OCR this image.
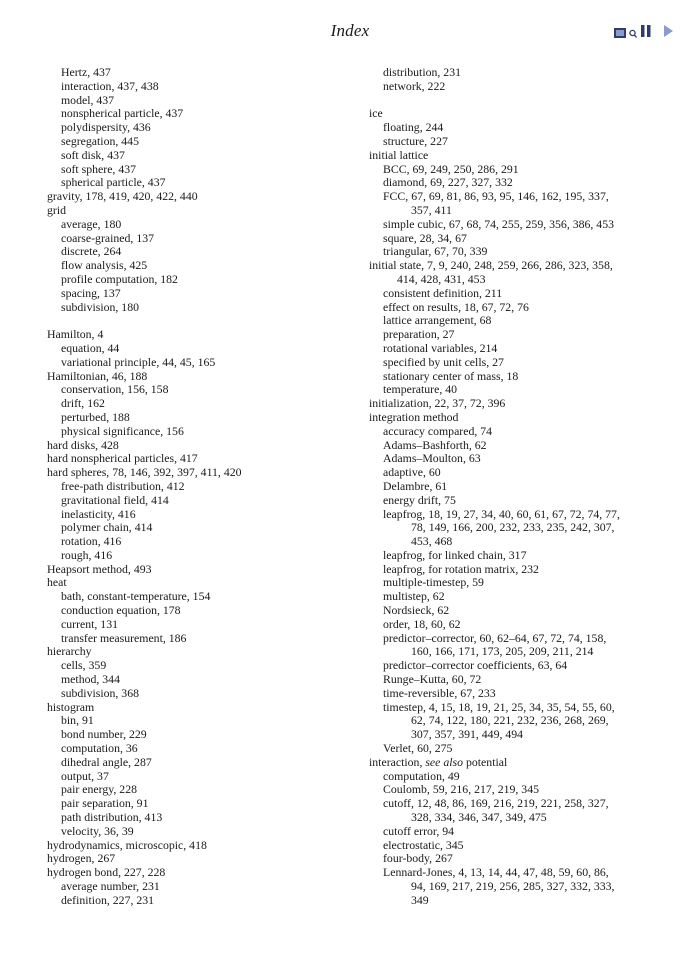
Index
Hertz, 437
interaction, 437, 438
model, 437
nonspherical particle, 437
polydispersity, 436
segregation, 445
soft disk, 437
soft sphere, 437
spherical particle, 437
gravity, 178, 419, 420, 422, 440
grid
average, 180
coarse-grained, 137
discrete, 264
flow analysis, 425
profile computation, 182
spacing, 137
subdivision, 180
Hamilton, 4
equation, 44
variational principle, 44, 45, 165
Hamiltonian, 46, 188
conservation, 156, 158
drift, 162
perturbed, 188
physical significance, 156
hard disks, 428
hard nonspherical particles, 417
hard spheres, 78, 146, 392, 397, 411, 420
free-path distribution, 412
gravitational field, 414
inelasticity, 416
polymer chain, 414
rotation, 416
rough, 416
Heapsort method, 493
heat
bath, constant-temperature, 154
conduction equation, 178
current, 131
transfer measurement, 186
hierarchy
cells, 359
method, 344
subdivision, 368
histogram
bin, 91
bond number, 229
computation, 36
dihedral angle, 287
output, 37
pair energy, 228
pair separation, 91
path distribution, 413
velocity, 36, 39
hydrodynamics, microscopic, 418
hydrogen, 267
hydrogen bond, 227, 228
average number, 231
definition, 227, 231
distribution, 231
network, 222
ice
floating, 244
structure, 227
initial lattice
BCC, 69, 249, 250, 286, 291
diamond, 69, 227, 327, 332
FCC, 67, 69, 81, 86, 93, 95, 146, 162, 195, 337,
357, 411
simple cubic, 67, 68, 74, 255, 259, 356, 386, 453
square, 28, 34, 67
triangular, 67, 70, 339
initial state, 7, 9, 240, 248, 259, 266, 286, 323, 358,
414, 428, 431, 453
consistent definition, 211
effect on results, 18, 67, 72, 76
lattice arrangement, 68
preparation, 27
rotational variables, 214
specified by unit cells, 27
stationary center of mass, 18
temperature, 40
initialization, 22, 37, 72, 396
integration method
accuracy compared, 74
Adams–Bashforth, 62
Adams–Moulton, 63
adaptive, 60
Delambre, 61
energy drift, 75
leapfrog, 18, 19, 27, 34, 40, 60, 61, 67, 72, 74, 77,
78, 149, 166, 200, 232, 233, 235, 242, 307,
453, 468
leapfrog, for linked chain, 317
leapfrog, for rotation matrix, 232
multiple-timestep, 59
multistep, 62
Nordsieck, 62
order, 18, 60, 62
predictor–corrector, 60, 62–64, 67, 72, 74, 158,
160, 166, 171, 173, 205, 209, 211, 214
predictor–corrector coefficients, 63, 64
Runge–Kutta, 60, 72
time-reversible, 67, 233
timestep, 4, 15, 18, 19, 21, 25, 34, 35, 54, 55, 60,
62, 74, 122, 180, 221, 232, 236, 268, 269,
307, 357, 391, 449, 494
Verlet, 60, 275
interaction, see also potential
computation, 49
Coulomb, 59, 216, 217, 219, 345
cutoff, 12, 48, 86, 169, 216, 219, 221, 258, 327,
328, 334, 346, 347, 349, 475
cutoff error, 94
electrostatic, 345
four-body, 267
Lennard-Jones, 4, 13, 14, 44, 47, 48, 59, 60, 86,
94, 169, 217, 219, 256, 285, 327, 332, 333,
349
